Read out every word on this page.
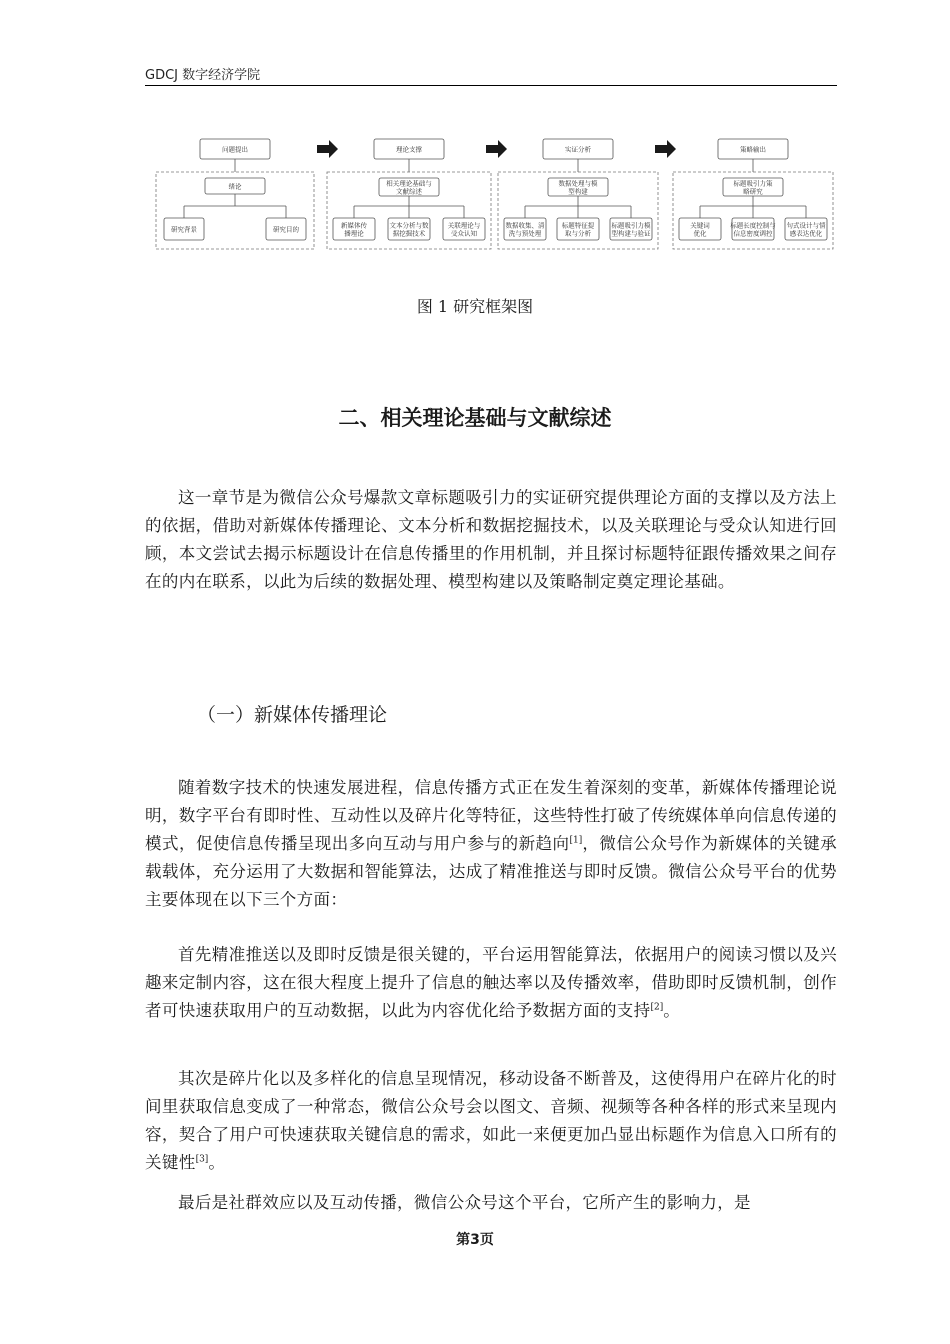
GDCJ 数字经济学院
问题提出
绪论
研究背景	研究目的
理论支撑
相关理论基础与
文献综述
新媒体传
播理论
文本分析与数
据挖掘技术
关联理论与
受众认知
实证分析
数据处理与模
型构建
数据收集、清
洗与预处理
标题特征提
取与分析
标题吸引力模
型构建与验证
策略输出
标题吸引力策
略研究
关键词
优化
标题长度控制与
信息密度调控
句式设计与情
感表达优化
图 1 研究框架图
二、相关理论基础与文献综述

这一章节是为微信公众号爆款文章标题吸引力的实证研究提供理论方面的支撑以及方法上的依据，借助对新媒体传播理论、文本分析和数据挖掘技术，以及关联理论与受众认知进行回顾，本文尝试去揭示标题设计在信息传播里的作用机制，并且探讨标题特征跟传播效果之间存在的内在联系，以此为后续的数据处理、模型构建以及策略制定奠定理论基础。

（一）新媒体传播理论

随着数字技术的快速发展进程，信息传播方式正在发生着深刻的变革，新媒体传播理论说明，数字平台有即时性、互动性以及碎片化等特征，这些特性打破了传统媒体单向信息传递的模式，促使信息传播呈现出多向互动与用户参与的新趋向[1]，微信公众号作为新媒体的关键承载载体，充分运用了大数据和智能算法，达成了精准推送与即时反馈。微信公众号平台的优势主要体现在以下三个方面：

首先精准推送以及即时反馈是很关键的，平台运用智能算法，依据用户的阅读习惯以及兴趣来定制内容，这在很大程度上提升了信息的触达率以及传播效率，借助即时反馈机制，创作者可快速获取用户的互动数据，以此为内容优化给予数据方面的支持[2]。

其次是碎片化以及多样化的信息呈现情况，移动设备不断普及，这使得用户在碎片化的时间里获取信息变成了一种常态，微信公众号会以图文、音频、视频等各种各样的形式来呈现内容，契合了用户可快速获取关键信息的需求，如此一来便更加凸显出标题作为信息入口所有的关键性[3]。

最后是社群效应以及互动传播，微信公众号这个平台，它所产生的影响力，是

第3页
